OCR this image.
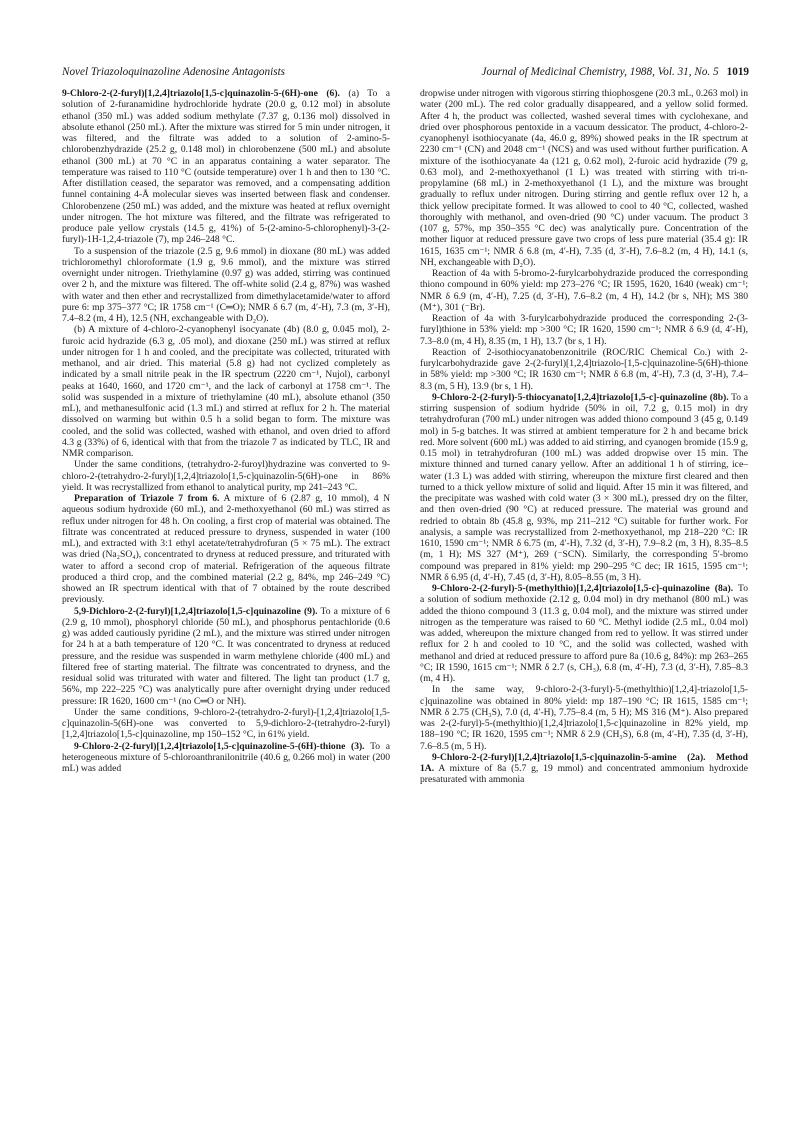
Novel Triazoloquinazoline Adenosine Antagonists	Journal of Medicinal Chemistry, 1988, Vol. 31, No. 5 1019

9-Chloro-2-(2-furyl)[1,2,4]triazolo[1,5-c]quinazolin-5-(6H)-one (6). (a) To a solution of 2-furanamidine hydrochloride hydrate (20.0 g, 0.12 mol) in absolute ethanol (350 mL) was added sodium methylate (7.37 g, 0.136 mol) dissolved in absolute ethanol (250 mL). After the mixture was stirred for 5 min under nitrogen, it was filtered, and the filtrate was added to a solution of 2-amino-5-chlorobenzhydrazide (25.2 g, 0.148 mol) in chlorobenzene (500 mL) and absolute ethanol (300 mL) at 70 °C in an apparatus containing a water separator. The temperature was raised to 110 °C (outside temperature) over 1 h and then to 130 °C. After distillation ceased, the separator was removed, and a compensating addition funnel containing 4-Å molecular sieves was inserted between flask and condenser. Chlorobenzene (250 mL) was added, and the mixture was heated at reflux overnight under nitrogen. The hot mixture was filtered, and the filtrate was refrigerated to produce pale yellow crystals (14.5 g, 41%) of 5-(2-amino-5-chlorophenyl)-3-(2-furyl)-1H-1,2,4-triazole (7), mp 246–248 °C.

To a suspension of the triazole (2.5 g, 9.6 mmol) in dioxane (80 mL) was added trichloromethyl chloroformate (1.9 g, 9.6 mmol), and the mixture was stirred overnight under nitrogen. Triethylamine (0.97 g) was added, stirring was continued over 2 h, and the mixture was filtered. The off-white solid (2.4 g, 87%) was washed with water and then ether and recrystallized from dimethylacetamide/water to afford pure 6: mp 375–377 °C; IR 1758 cm⁻¹ (C═O); NMR δ 6.7 (m, 4′-H), 7.3 (m, 3′-H), 7.4–8.2 (m, 4 H), 12.5 (NH, exchangeable with D₂O).

(b) A mixture of 4-chloro-2-cyanophenyl isocyanate (4b) (8.0 g, 0.045 mol), 2-furoic acid hydrazide (6.3 g, .05 mol), and dioxane (250 mL) was stirred at reflux under nitrogen for 1 h and cooled, and the precipitate was collected, triturated with methanol, and air dried. This material (5.8 g) had not cyclized completely as indicated by a small nitrile peak in the IR spectrum (2220 cm⁻¹, Nujol), carbonyl peaks at 1640, 1660, and 1720 cm⁻¹, and the lack of carbonyl at 1758 cm⁻¹. The solid was suspended in a mixture of triethylamine (40 mL), absolute ethanol (350 mL), and methanesulfonic acid (1.3 mL) and stirred at reflux for 2 h. The material dissolved on warming but within 0.5 h a solid began to form. The mixture was cooled, and the solid was collected, washed with ethanol, and oven dried to afford 4.3 g (33%) of 6, identical with that from the triazole 7 as indicated by TLC, IR and NMR comparison.

Under the same conditions, (tetrahydro-2-furoyl)hydrazine was converted to 9-chloro-2-(tetrahydro-2-furyl)[1,2,4]triazolo[1,5-c]quinazolin-5(6H)-one in 86% yield. It was recrystallized from ethanol to analytical purity, mp 241–243 °C.

Preparation of Triazole 7 from 6. A mixture of 6 (2.87 g, 10 mmol), 4 N aqueous sodium hydroxide (60 mL), and 2-methoxyethanol (60 mL) was stirred as reflux under nitrogen for 48 h. On cooling, a first crop of material was obtained. The filtrate was concentrated at reduced pressure to dryness, suspended in water (100 mL), and extracted with 3:1 ethyl acetate/tetrahydrofuran (5 × 75 mL). The extract was dried (Na₂SO₄), concentrated to dryness at reduced pressure, and triturated with water to afford a second crop of material. Refrigeration of the aqueous filtrate produced a third crop, and the combined material (2.2 g, 84%, mp 246–249 °C) showed an IR spectrum identical with that of 7 obtained by the route described previously.

5,9-Dichloro-2-(2-furyl)[1,2,4]triazolo[1,5-c]quinazoline (9). To a mixture of 6 (2.9 g, 10 mmol), phosphoryl chloride (50 mL), and phosphorus pentachloride (0.6 g) was added cautiously pyridine (2 mL), and the mixture was stirred under nitrogen for 24 h at a bath temperature of 120 °C. It was concentrated to dryness at reduced pressure, and the residue was suspended in warm methylene chloride (400 mL) and filtered free of starting material. The filtrate was concentrated to dryness, and the residual solid was triturated with water and filtered. The light tan product (1.7 g, 56%, mp 222–225 °C) was analytically pure after overnight drying under reduced pressure: IR 1620, 1600 cm⁻¹ (no C═O or NH).

Under the same conditions, 9-chloro-2-(tetrahydro-2-furyl)-[1,2,4]triazolo[1,5-c]quinazolin-5(6H)-one was converted to 5,9-dichloro-2-(tetrahydro-2-furyl)[1,2,4]triazolo[1,5-c]quinazoline, mp 150–152 °C, in 61% yield.

9-Chloro-2-(2-furyl)[1,2,4]triazolo[1,5-c]quinazoline-5-(6H)-thione (3). To a heterogeneous mixture of 5-chloroanthranilonitrile (40.6 g, 0.266 mol) in water (200 mL) was added

dropwise under nitrogen with vigorous stirring thiophosgene (20.3 mL, 0.263 mol) in water (200 mL). The red color gradually disappeared, and a yellow solid formed. After 4 h, the product was collected, washed several times with cyclohexane, and dried over phosphorous pentoxide in a vacuum dessicator. The product, 4-chloro-2-cyanophenyl isothiocyanate (4a, 46.0 g, 89%) showed peaks in the IR spectrum at 2230 cm⁻¹ (CN) and 2048 cm⁻¹ (NCS) and was used without further purification. A mixture of the isothiocyanate 4a (121 g, 0.62 mol), 2-furoic acid hydrazide (79 g, 0.63 mol), and 2-methoxyethanol (1 L) was treated with stirring with tri-n-propylamine (68 mL) in 2-methoxyethanol (1 L), and the mixture was brought gradually to reflux under nitrogen. During stirring and gentle reflux over 12 h, a thick yellow precipitate formed. It was allowed to cool to 40 °C, collected, washed thoroughly with methanol, and oven-dried (90 °C) under vacuum. The product 3 (107 g, 57%, mp 350–355 °C dec) was analytically pure. Concentration of the mother liquor at reduced pressure gave two crops of less pure material (35.4 g): IR 1615, 1635 cm⁻¹; NMR δ 6.8 (m, 4′-H), 7.35 (d, 3′-H), 7.6–8.2 (m, 4 H), 14.1 (s, NH, exchangeable with D₂O).

Reaction of 4a with 5-bromo-2-furylcarbohydrazide produced the corresponding thiono compound in 60% yield: mp 273–276 °C; IR 1595, 1620, 1640 (weak) cm⁻¹; NMR δ 6.9 (m, 4′-H), 7.25 (d, 3′-H), 7.6–8.2 (m, 4 H), 14.2 (br s, NH); MS 380 (M⁺), 301 (⁻Br).

Reaction of 4a with 3-furylcarbohydrazide produced the corresponding 2-(3-furyl)thione in 53% yield: mp >300 °C; IR 1620, 1590 cm⁻¹; NMR δ 6.9 (d, 4′-H), 7.3–8.0 (m, 4 H), 8.35 (m, 1 H), 13.7 (br s, 1 H).

Reaction of 2-isothiocyanatobenzonitrile (ROC/RIC Chemical Co.) with 2-furylcarbohydrazide gave 2-(2-furyl)[1,2,4]triazolo-[1,5-c]quinazoline-5(6H)-thione in 58% yield: mp >300 °C; IR 1630 cm⁻¹; NMR δ 6.8 (m, 4′-H), 7.3 (d, 3′-H), 7.4–8.3 (m, 5 H), 13.9 (br s, 1 H).

9-Chloro-2-(2-furyl)-5-thiocyanato[1,2,4]triazolo[1,5-c]-quinazoline (8b). To a stirring suspension of sodium hydride (50% in oil, 7.2 g, 0.15 mol) in dry tetrahydrofuran (700 mL) under nitrogen was added thiono compound 3 (45 g, 0.149 mol) in 5-g batches. It was stirred at ambient temperature for 2 h and became brick red. More solvent (600 mL) was added to aid stirring, and cyanogen bromide (15.9 g, 0.15 mol) in tetrahydrofuran (100 mL) was added dropwise over 15 min. The mixture thinned and turned canary yellow. After an additional 1 h of stirring, ice–water (1.3 L) was added with stirring, whereupon the mixture first cleared and then turned to a thick yellow mixture of solid and liquid. After 15 min it was filtered, and the precipitate was washed with cold water (3 × 300 mL), pressed dry on the filter, and then oven-dried (90 °C) at reduced pressure. The material was ground and redried to obtain 8b (45.8 g, 93%, mp 211–212 °C) suitable for further work. For analysis, a sample was recrystallized from 2-methoxyethanol, mp 218–220 °C: IR 1610, 1590 cm⁻¹; NMR δ 6.75 (m, 4′-H), 7.32 (d, 3′-H), 7.9–8.2 (m, 3 H), 8.35–8.5 (m, 1 H); MS 327 (M⁺), 269 (⁻SCN). Similarly, the corresponding 5′-bromo compound was prepared in 81% yield: mp 290–295 °C dec; IR 1615, 1595 cm⁻¹; NMR δ 6.95 (d, 4′-H), 7.45 (d, 3′-H), 8.05–8.55 (m, 3 H).

9-Chloro-2-(2-furyl)-5-(methylthio)[1,2,4]triazolo[1,5-c]-quinazoline (8a). To a solution of sodium methoxide (2.12 g, 0.04 mol) in dry methanol (800 mL) was added the thiono compound 3 (11.3 g, 0.04 mol), and the mixture was stirred under nitrogen as the temperature was raised to 60 °C. Methyl iodide (2.5 mL, 0.04 mol) was added, whereupon the mixture changed from red to yellow. It was stirred under reflux for 2 h and cooled to 10 °C, and the solid was collected, washed with methanol and dried at reduced pressure to afford pure 8a (10.6 g, 84%): mp 263–265 °C; IR 1590, 1615 cm⁻¹; NMR δ 2.7 (s, CH₃), 6.8 (m, 4′-H), 7.3 (d, 3′-H), 7.85–8.3 (m, 4 H).

In the same way, 9-chloro-2-(3-furyl)-5-(methylthio)[1,2,4]-triazolo[1,5-c]quinazoline was obtained in 80% yield: mp 187–190 °C; IR 1615, 1585 cm⁻¹; NMR δ 2.75 (CH₃S), 7.0 (d, 4′-H), 7.75–8.4 (m, 5 H); MS 316 (M⁺). Also prepared was 2-(2-furyl)-5-(methylthio)[1,2,4]triazolo[1,5-c]quinazoline in 82% yield, mp 188–190 °C; IR 1620, 1595 cm⁻¹; NMR δ 2.9 (CH₃S), 6.8 (m, 4′-H), 7.35 (d, 3′-H), 7.6–8.5 (m, 5 H).

9-Chloro-2-(2-furyl)[1,2,4]triazolo[1,5-c]quinazolin-5-amine (2a). Method 1A. A mixture of 8a (5.7 g, 19 mmol) and concentrated ammonium hydroxide presaturated with ammonia
